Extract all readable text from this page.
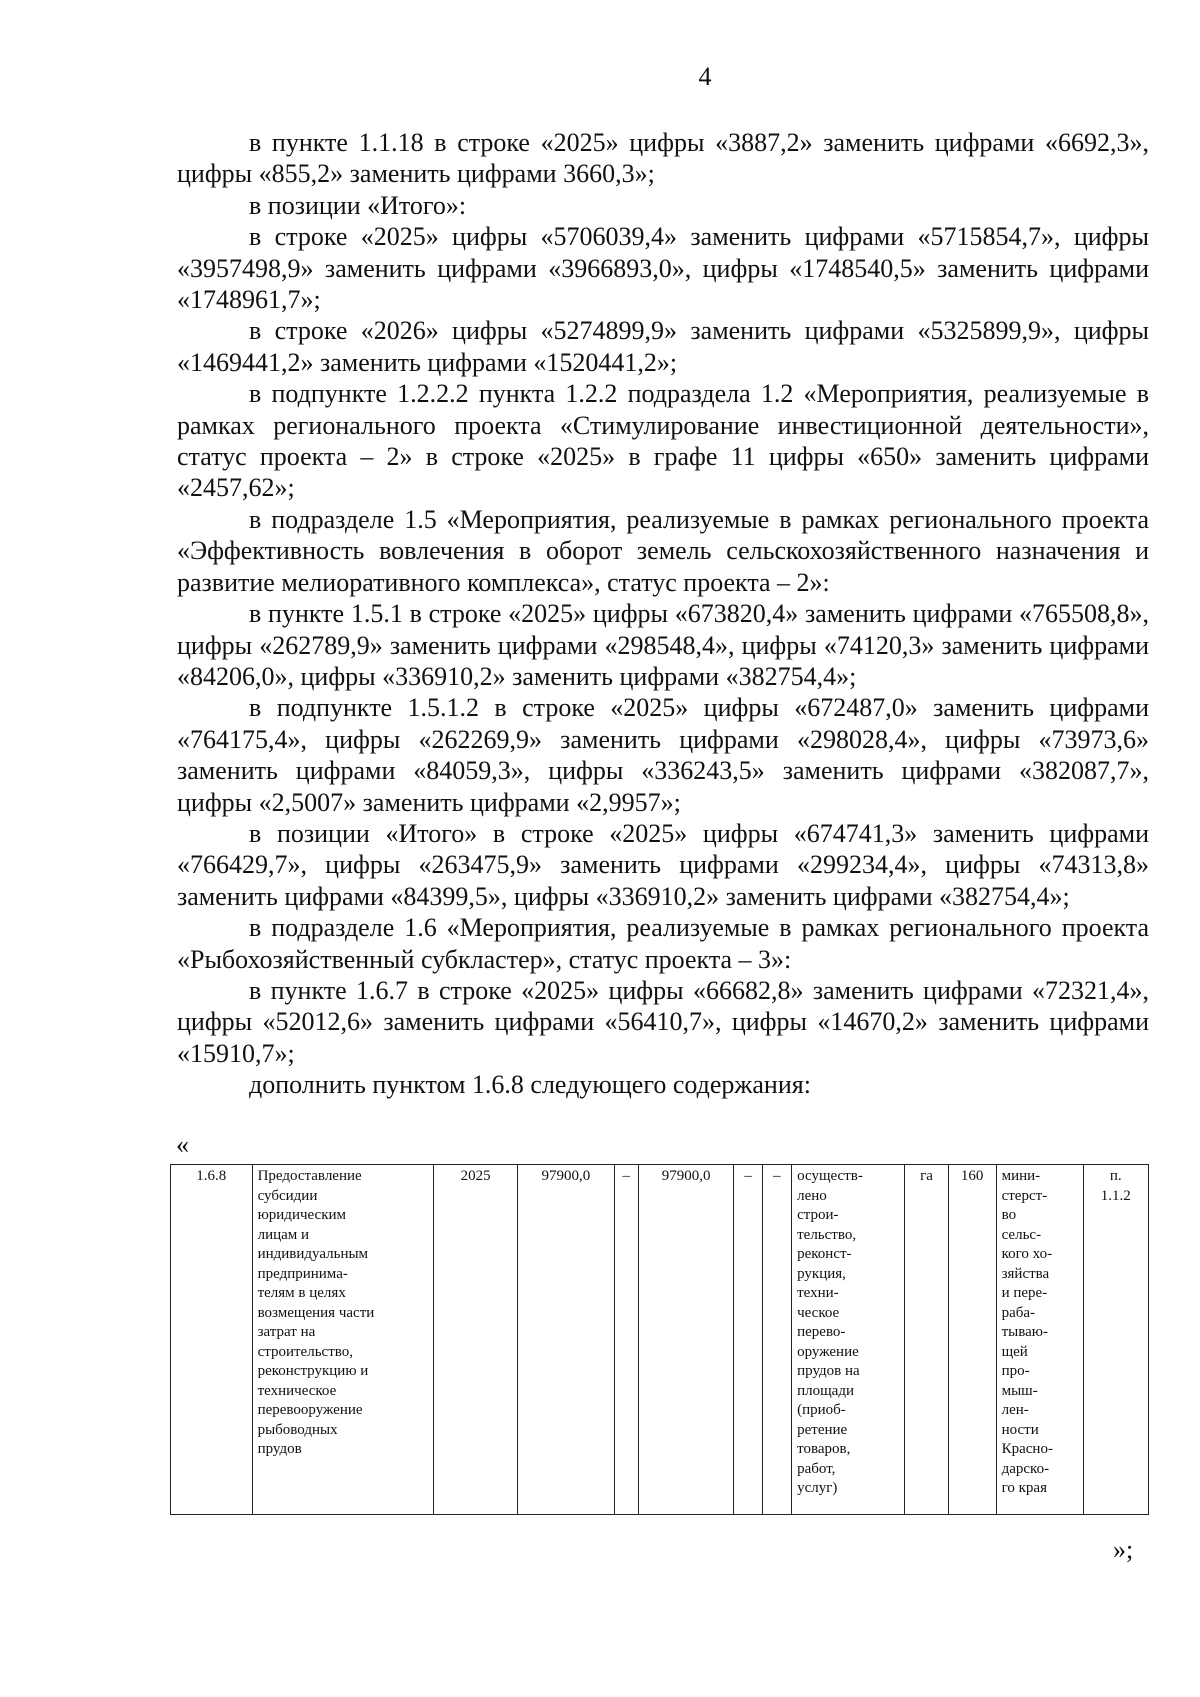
4

в пункте 1.1.18 в строке «2025» цифры «3887,2» заменить цифрами «6692,3», цифры «855,2» заменить цифрами 3660,3»;

в позиции «Итого»:

в строке «2025» цифры «5706039,4» заменить цифрами «5715854,7», цифры «3957498,9» заменить цифрами «3966893,0», цифры «1748540,5» заменить цифрами «1748961,7»;

в строке «2026» цифры «5274899,9» заменить цифрами «5325899,9», цифры «1469441,2» заменить цифрами «1520441,2»;

в подпункте 1.2.2.2 пункта 1.2.2 подраздела 1.2 «Мероприятия, реализуемые в рамках регионального проекта «Стимулирование инвестиционной деятельности», статус проекта – 2» в строке «2025» в графе 11 цифры «650» заменить цифрами «2457,62»;

в подразделе 1.5 «Мероприятия, реализуемые в рамках регионального проекта «Эффективность вовлечения в оборот земель сельскохозяйственного назначения и развитие мелиоративного комплекса», статус проекта – 2»:

в пункте 1.5.1 в строке «2025» цифры «673820,4» заменить цифрами «765508,8», цифры «262789,9» заменить цифрами «298548,4», цифры «74120,3» заменить цифрами «84206,0», цифры «336910,2» заменить цифрами «382754,4»;

в подпункте 1.5.1.2 в строке «2025» цифры «672487,0» заменить цифрами «764175,4», цифры «262269,9» заменить цифрами «298028,4», цифры «73973,6» заменить цифрами «84059,3», цифры «336243,5» заменить цифрами «382087,7», цифры «2,5007» заменить цифрами «2,9957»;

в позиции «Итого» в строке «2025» цифры «674741,3» заменить цифрами «766429,7», цифры «263475,9» заменить цифрами «299234,4», цифры «74313,8» заменить цифрами «84399,5», цифры «336910,2» заменить цифрами «382754,4»;

в подразделе 1.6 «Мероприятия, реализуемые в рамках регионального проекта «Рыбохозяйственный субкластер», статус проекта – 3»:

в пункте 1.6.7 в строке «2025» цифры «66682,8» заменить цифрами «72321,4», цифры «52012,6» заменить цифрами «56410,7», цифры «14670,2» заменить цифрами «15910,7»;

дополнить пунктом 1.6.8 следующего содержания:

«
1.6.8	Предоставление
субсидии
юридическим
лицам и
индивидуальным
предпринима-
телям в целях
возмещения части
затрат на
строительство,
реконструкцию и
техническое
перевооружение
рыбоводных
прудов	2025	97900,0	–	97900,0	–	–	осуществ-
лено
строи-
тельство,
реконст-
рукция,
техни-
ческое
перево-
оружение
прудов на
площади
(приоб-
ретение
товаров,
работ,
услуг)	га	160	мини-
стерст-
во
сельс-
кого хо-
зяйства
и пере-
раба-
тываю-
щей
про-
мыш-
лен-
ности
Красно-
дарско-
го края	п.
1.1.2
»;
